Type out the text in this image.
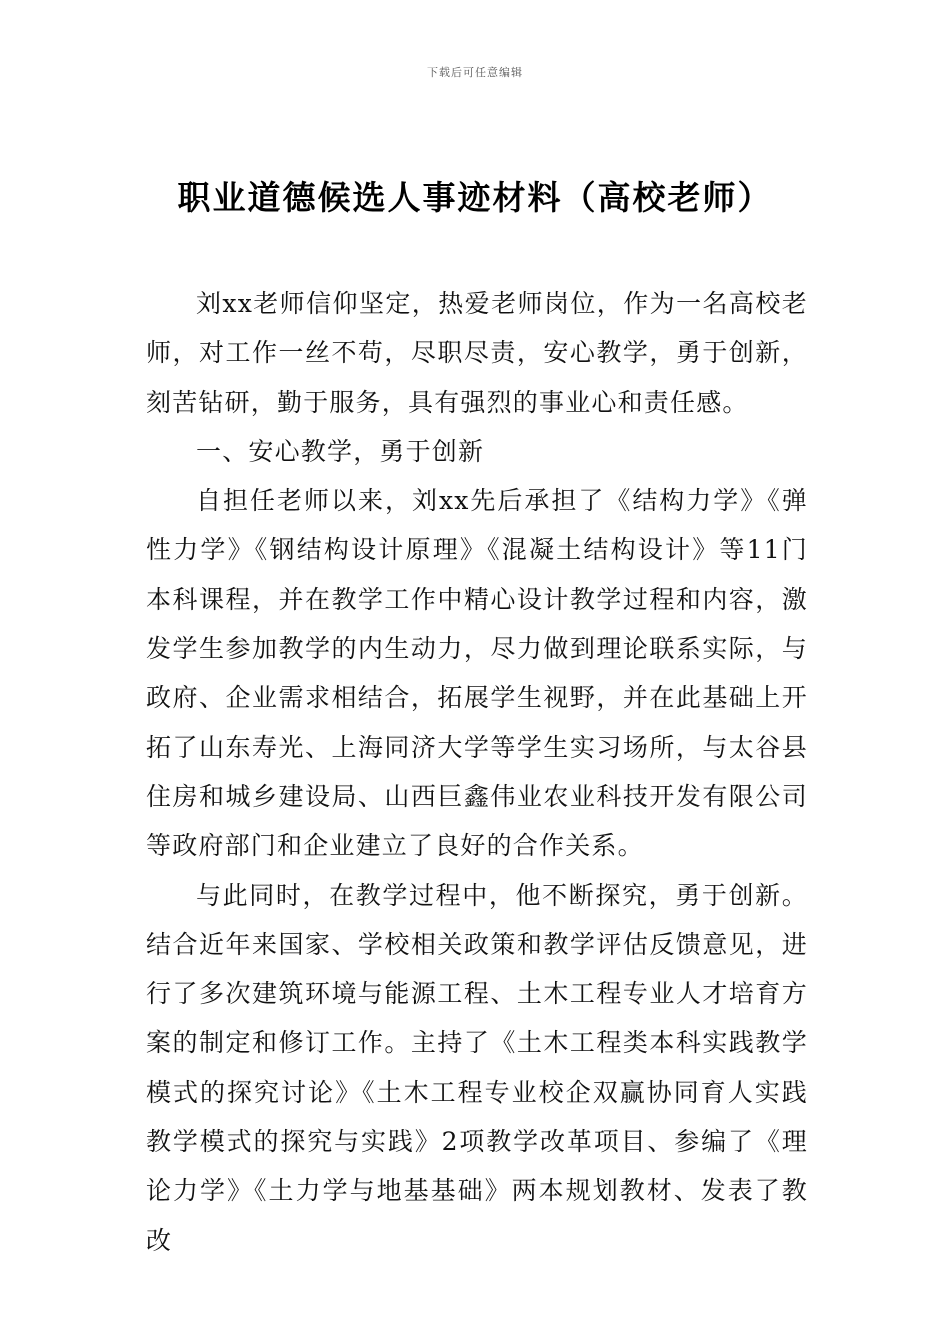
下载后可任意编辑
职业道德候选人事迹材料（高校老师）

刘xx老师信仰坚定，热爱老师岗位，作为一名高校老师，对工作一丝不苟，尽职尽责，安心教学，勇于创新，刻苦钻研，勤于服务，具有强烈的事业心和责任感。

一、安心教学，勇于创新

自担任老师以来，刘xx先后承担了《结构力学》《弹性力学》《钢结构设计原理》《混凝土结构设计》等11门本科课程，并在教学工作中精心设计教学过程和内容，激发学生参加教学的内生动力，尽力做到理论联系实际，与政府、企业需求相结合，拓展学生视野，并在此基础上开拓了山东寿光、上海同济大学等学生实习场所，与太谷县住房和城乡建设局、山西巨鑫伟业农业科技开发有限公司等政府部门和企业建立了良好的合作关系。

与此同时，在教学过程中，他不断探究，勇于创新。结合近年来国家、学校相关政策和教学评估反馈意见，进行了多次建筑环境与能源工程、土木工程专业人才培育方案的制定和修订工作。主持了《土木工程类本科实践教学模式的探究讨论》《土木工程专业校企双赢协同育人实践教学模式的探究与实践》2项教学改革项目、参编了《理论力学》《土力学与地基基础》两本规划教材、发表了教改
